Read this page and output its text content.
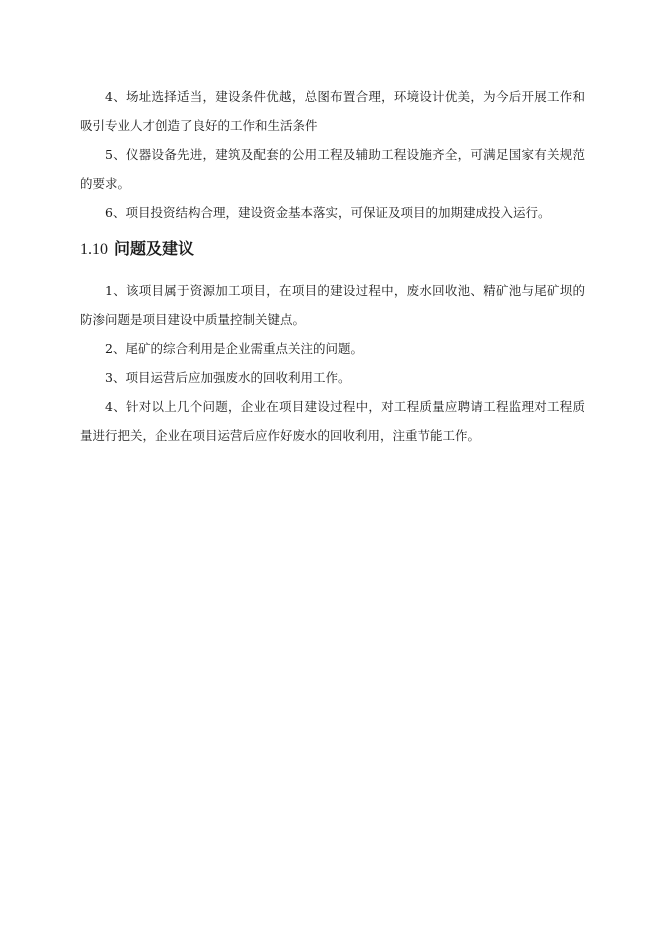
4、场址选择适当，建设条件优越，总图布置合理，环境设计优美，为今后开展工作和吸引专业人才创造了良好的工作和生活条件

5、仪器设备先进，建筑及配套的公用工程及辅助工程设施齐全，可满足国家有关规范的要求。

6、项目投资结构合理，建设资金基本落实，可保证及项目的加期建成投入运行。

1.10 问题及建议

1、该项目属于资源加工项目，在项目的建设过程中，废水回收池、精矿池与尾矿坝的防渗问题是项目建设中质量控制关键点。

2、尾矿的综合利用是企业需重点关注的问题。

3、项目运营后应加强废水的回收利用工作。

4、针对以上几个问题，企业在项目建设过程中，对工程质量应聘请工程监理对工程质量进行把关，企业在项目运营后应作好废水的回收利用，注重节能工作。
